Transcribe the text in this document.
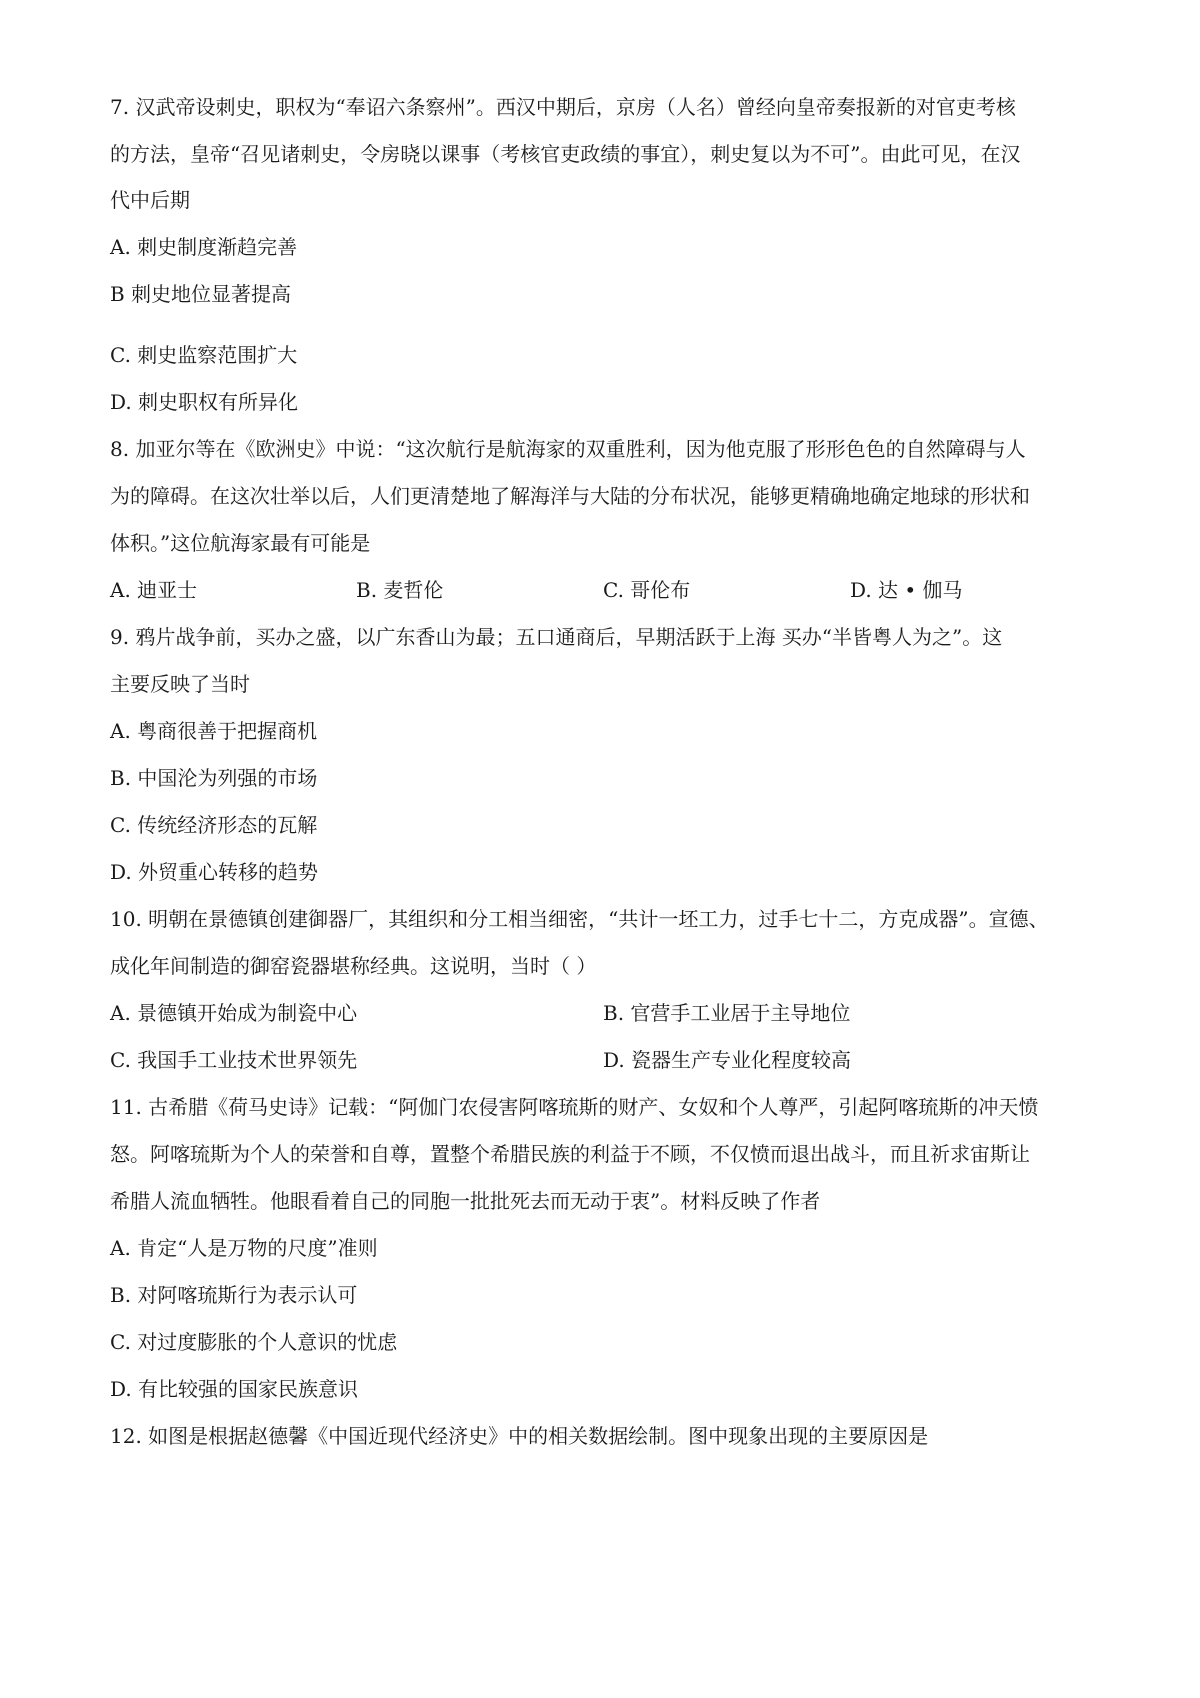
7. 汉武帝设刺史，职权为“奉诏六条察州”。西汉中期后，京房（人名）曾经向皇帝奏报新的对官吏考核
的方法，皇帝“召见诸刺史，令房晓以课事（考核官吏政绩的事宜），刺史复以为不可”。由此可见，在汉
代中后期
A. 刺史制度渐趋完善
B 刺史地位显著提高
C. 刺史监察范围扩大
D. 刺史职权有所异化
8. 加亚尔等在《欧洲史》中说：“这次航行是航海家的双重胜利，因为他克服了形形色色的自然障碍与人
为的障碍。在这次壮举以后，人们更清楚地了解海洋与大陆的分布状况，能够更精确地确定地球的形状和
体积。”这位航海家最有可能是
A. 迪亚士	B. 麦哲伦	C. 哥伦布	D. 达 • 伽马
9. 鸦片战争前，买办之盛，以广东香山为最；五口通商后，早期活跃于上海 买办“半皆粤人为之”。这
主要反映了当时
A. 粤商很善于把握商机
B. 中国沦为列强的市场
C. 传统经济形态的瓦解
D. 外贸重心转移的趋势
10. 明朝在景德镇创建御器厂，其组织和分工相当细密，“共计一坯工力，过手七十二，方克成器”。宣德、
成化年间制造的御窑瓷器堪称经典。这说明，当时（ ）
A. 景德镇开始成为制瓷中心	B. 官营手工业居于主导地位
C. 我国手工业技术世界领先	D. 瓷器生产专业化程度较高
11. 古希腊《荷马史诗》记载：“阿伽门农侵害阿喀琉斯的财产、女奴和个人尊严，引起阿喀琉斯的冲天愤
怒。阿喀琉斯为个人的荣誉和自尊，置整个希腊民族的利益于不顾，不仅愤而退出战斗，而且祈求宙斯让
希腊人流血牺牲。他眼看着自己的同胞一批批死去而无动于衷”。材料反映了作者
A. 肯定“人是万物的尺度”准则
B. 对阿喀琉斯行为表示认可
C. 对过度膨胀的个人意识的忧虑
D. 有比较强的国家民族意识
12. 如图是根据赵德馨《中国近现代经济史》中的相关数据绘制。图中现象出现的主要原因是
